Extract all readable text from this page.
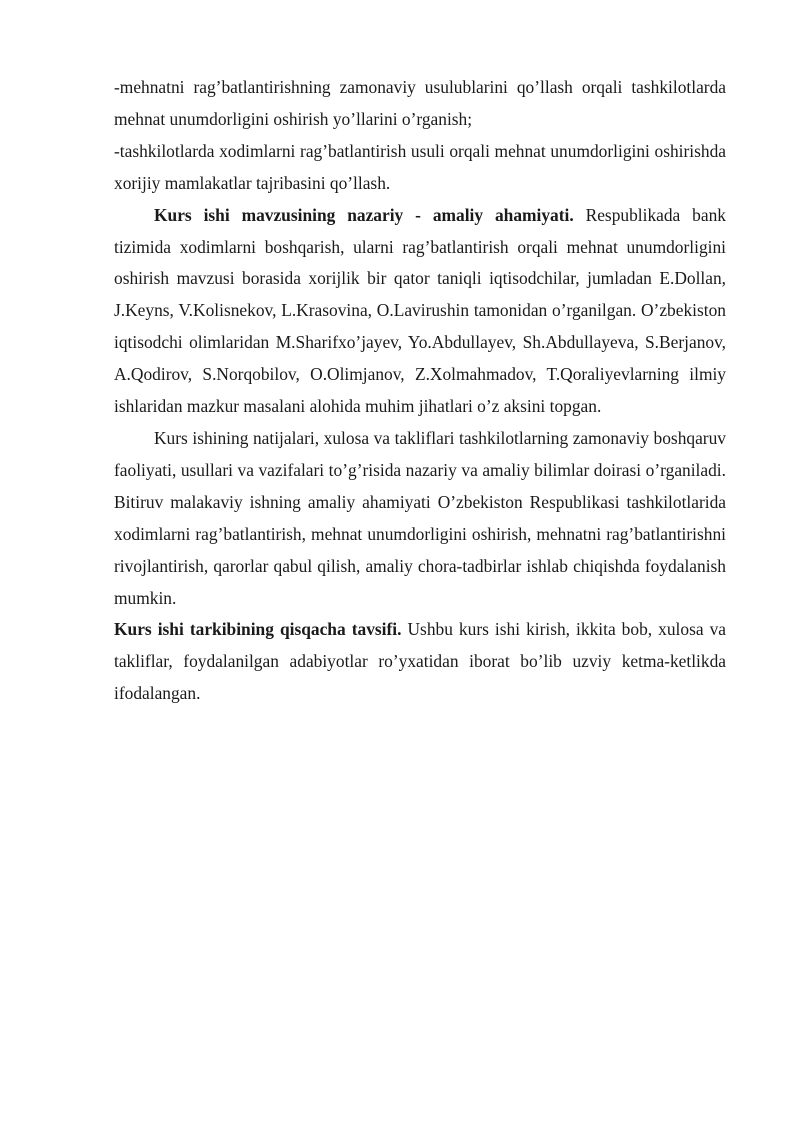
-mehnatni rag’batlantirishning zamonaviy usulublarini qo’llash orqali tashkilotlarda mehnat unumdorligini oshirish yo’llarini o’rganish;

-tashkilotlarda xodimlarni rag’batlantirish usuli orqali mehnat unumdorligini oshirishda xorijiy mamlakatlar tajribasini qo’llash.

Kurs ishi mavzusining nazariy - amaliy ahamiyati. Respublikada bank tizimida xodimlarni boshqarish, ularni rag’batlantirish orqali mehnat unumdorligini oshirish mavzusi borasida xorijlik bir qator taniqli iqtisodchilar, jumladan E.Dollan, J.Keyns, V.Kolisnekov, L.Krasovina, O.Lavirushin tamonidan o’rganilgan. O’zbekiston iqtisodchi olimlaridan M.Sharifxo’jayev, Yo.Abdullayev, Sh.Abdullayeva, S.Berjanov, A.Qodirov, S.Norqobilov, O.Olimjanov, Z.Xolmahmadov, T.Qoraliyevlarning ilmiy ishlaridan mazkur masalani alohida muhim jihatlari o’z aksini topgan.

Kurs ishining natijalari, xulosa va takliflari tashkilotlarning zamonaviy boshqaruv faoliyati, usullari va vazifalari to’g’risida nazariy va amaliy bilimlar doirasi o’rganiladi. Bitiruv malakaviy ishning amaliy ahamiyati O’zbekiston Respublikasi tashkilotlarida xodimlarni rag’batlantirish, mehnat unumdorligini oshirish, mehnatni rag’batlantirishni rivojlantirish, qarorlar qabul qilish, amaliy chora-tadbirlar ishlab chiqishda foydalanish mumkin.

Kurs ishi tarkibining qisqacha tavsifi. Ushbu kurs ishi kirish, ikkita bob, xulosa va takliflar, foydalanilgan adabiyotlar ro’yxatidan iborat bo’lib uzviy ketma-ketlikda ifodalangan.
